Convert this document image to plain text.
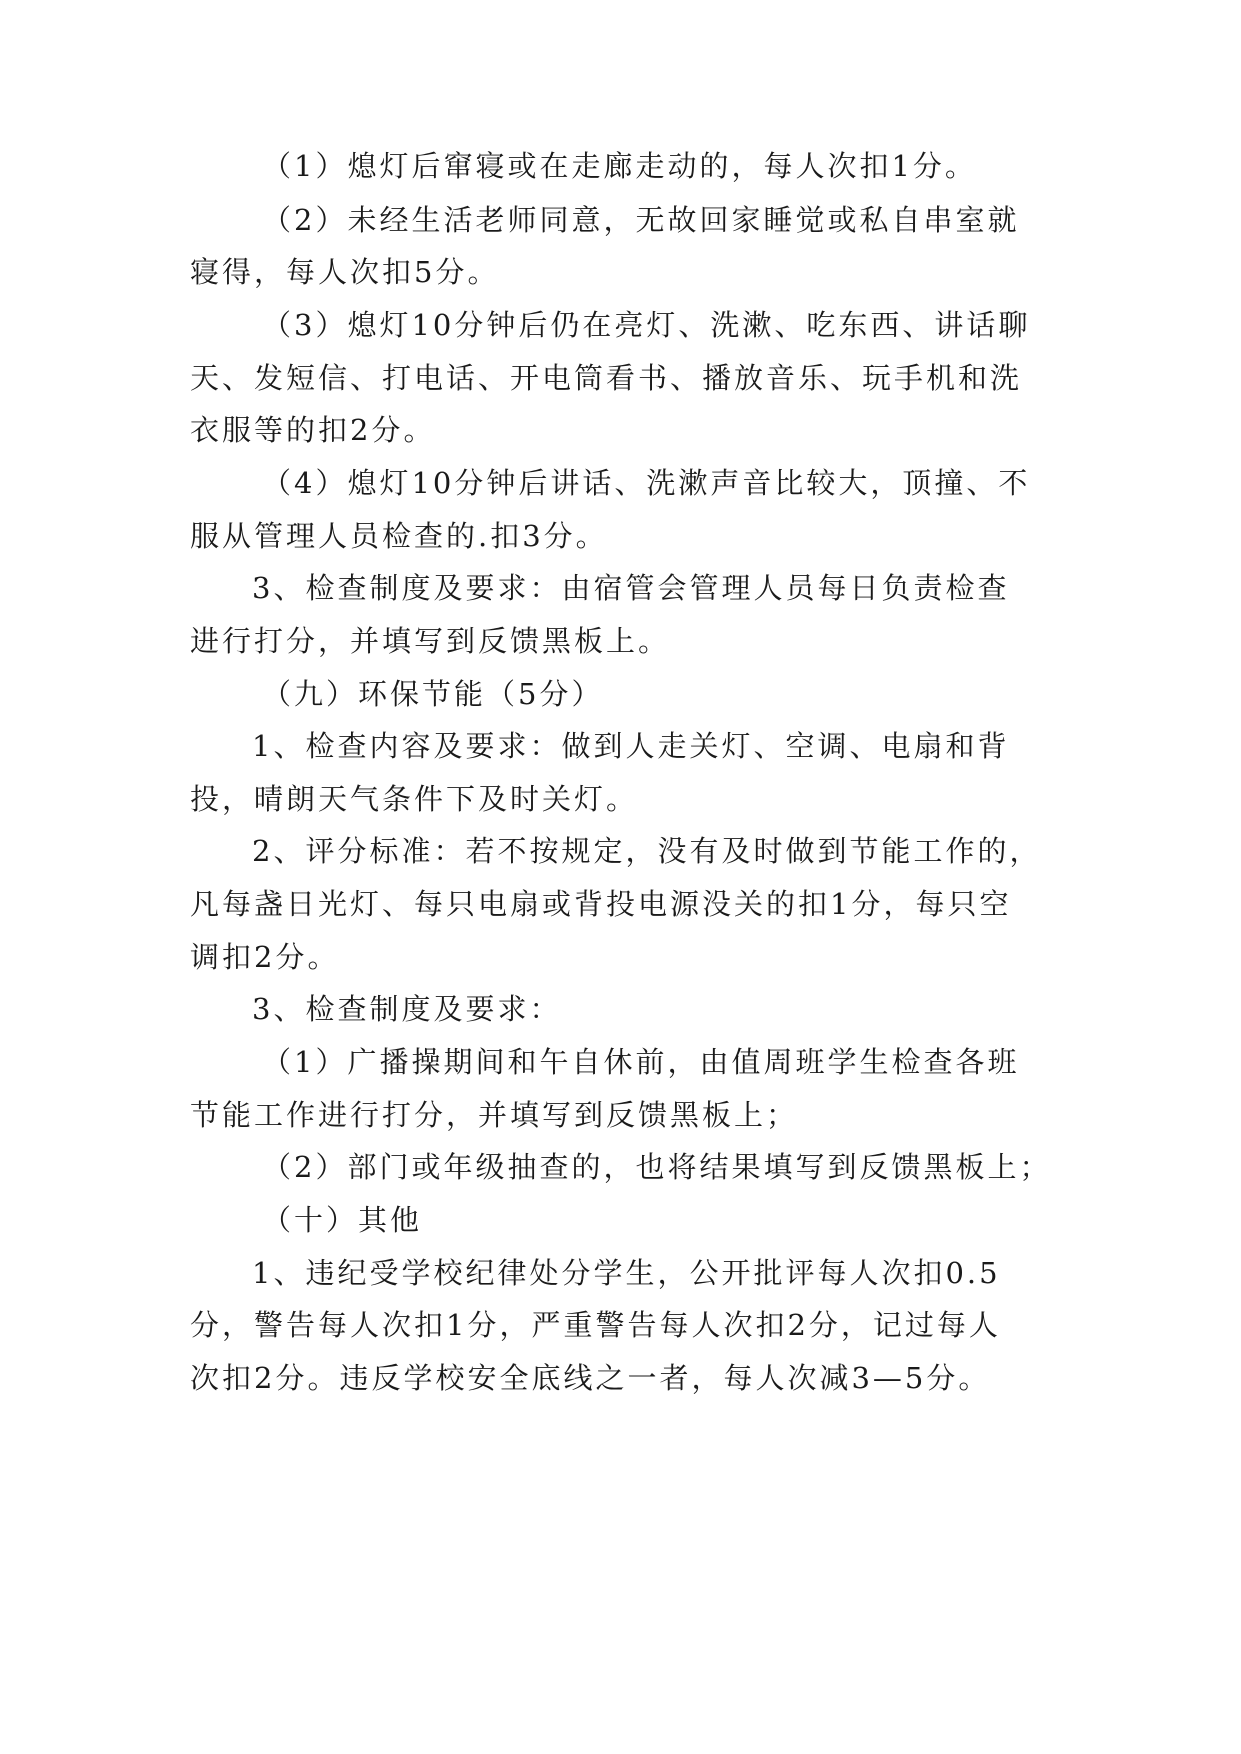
（1）熄灯后窜寝或在走廊走动的，每人次扣1分。
（2）未经生活老师同意，无故回家睡觉或私自串室就
寝得，每人次扣5分。
（3）熄灯10分钟后仍在亮灯、洗漱、吃东西、讲话聊
天、发短信、打电话、开电筒看书、播放音乐、玩手机和洗
衣服等的扣2分。
（4）熄灯10分钟后讲话、洗漱声音比较大，顶撞、不
服从管理人员检查的.扣3分。
3、检查制度及要求：由宿管会管理人员每日负责检查
进行打分，并填写到反馈黑板上。
（九）环保节能（5分）
1、检查内容及要求：做到人走关灯、空调、电扇和背
投，晴朗天气条件下及时关灯。
2、评分标准：若不按规定，没有及时做到节能工作的，
凡每盏日光灯、每只电扇或背投电源没关的扣1分，每只空
调扣2分。
3、检查制度及要求：
（1）广播操期间和午自休前，由值周班学生检查各班
节能工作进行打分，并填写到反馈黑板上；
（2）部门或年级抽查的，也将结果填写到反馈黑板上；
（十）其他
1、违纪受学校纪律处分学生，公开批评每人次扣0.5
分，警告每人次扣1分，严重警告每人次扣2分，记过每人
次扣2分。违反学校安全底线之一者，每人次减3—5分。
